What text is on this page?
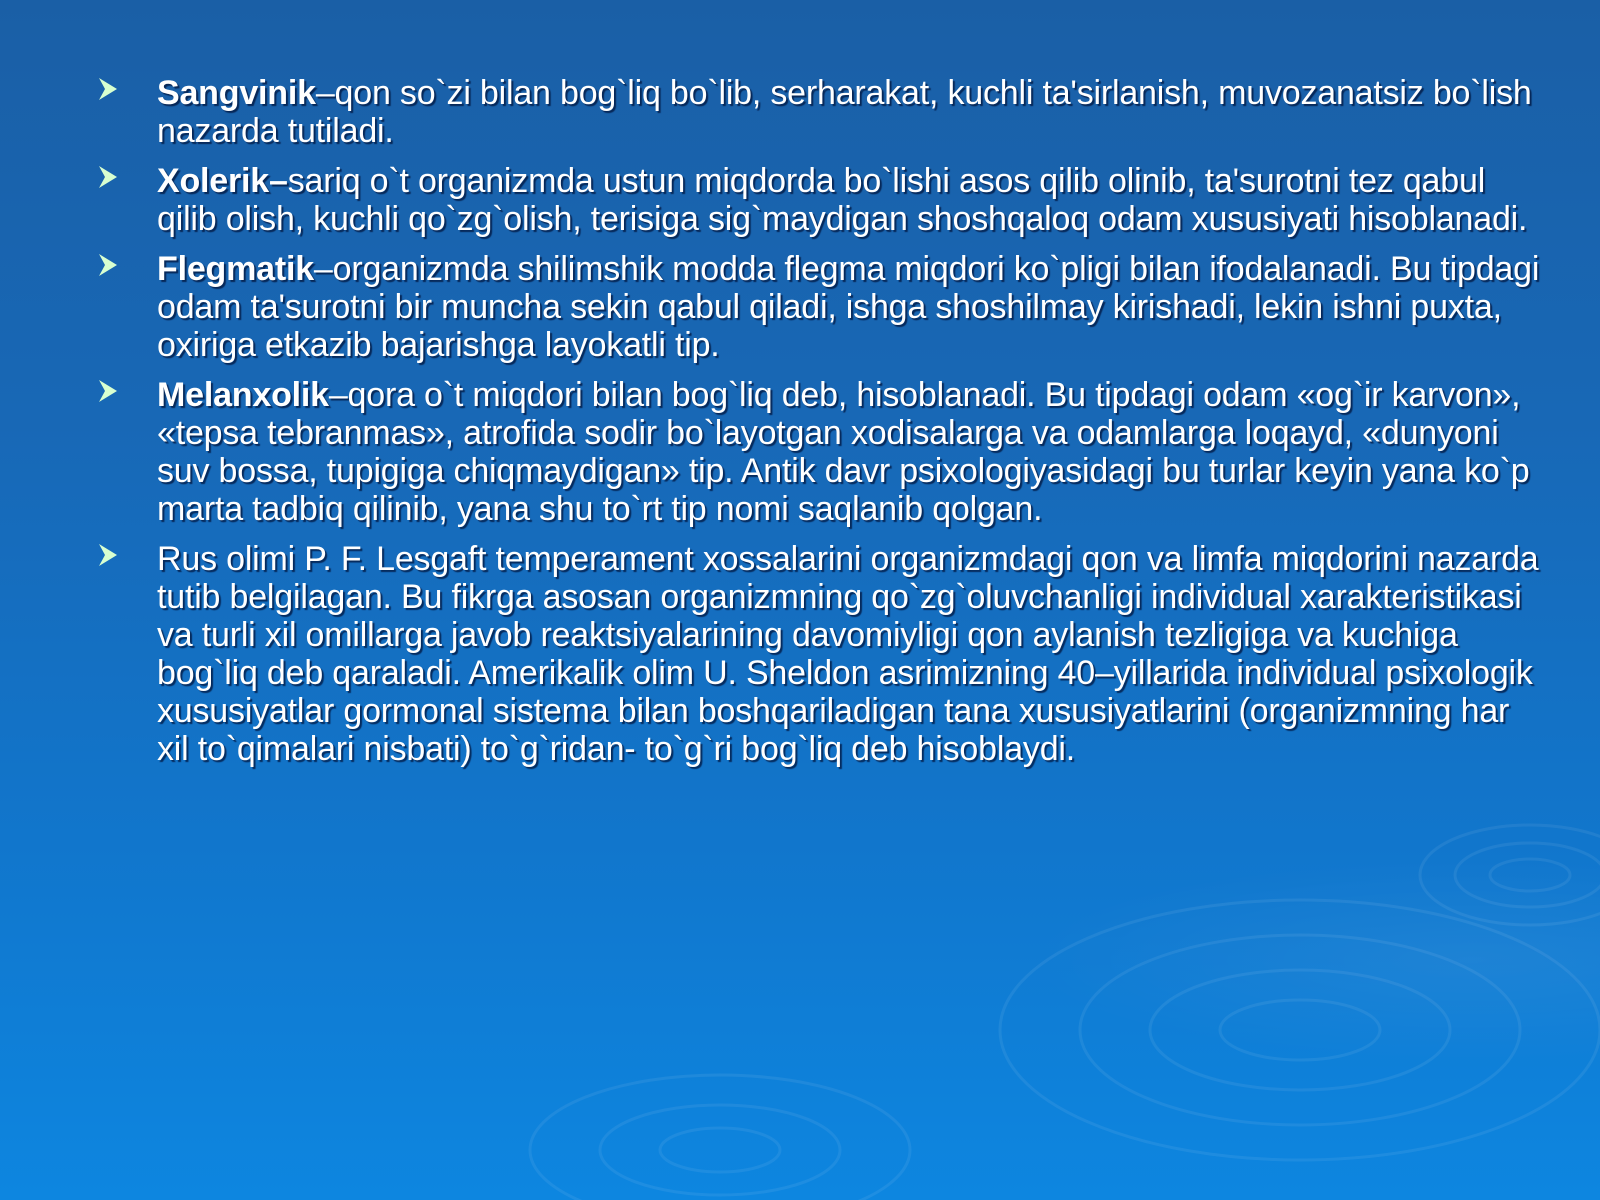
Sangvinik–qon so`zi bilan bog`liq bo`lib, serharakat, kuchli ta'sirlanish, muvozanatsiz bo`lish nazarda tutiladi.
Xolerik–sariq o`t organizmda ustun miqdorda bo`lishi asos qilib olinib, ta'surotni tez qabul qilib olish, kuchli qo`zg`olish, terisiga sig`maydigan shoshqaloq odam xususiyati hisoblanadi.
Flegmatik–organizmda shilimshik modda flegma miqdori ko`pligi bilan ifodalanadi. Bu tipdagi odam ta'surotni bir muncha sekin qabul qiladi, ishga shoshilmay kirishadi, lekin ishni puxta, oxiriga etkazib bajarishga layokatli tip.
Melanxolik–qora o`t miqdori bilan bog`liq deb, hisoblanadi. Bu tipdagi odam «og`ir karvon», «tepsa tebranmas», atrofida sodir bo`layotgan xodisalarga va odamlarga loqayd, «dunyoni suv bossa, tupigiga chiqmaydigan» tip. Antik davr psixologiyasidagi bu turlar keyin yana ko`p marta tadbiq qilinib, yana shu to`rt tip nomi saqlanib qolgan.
Rus olimi P. F. Lesgaft temperament xossalarini organizmdagi qon va limfa miqdorini nazarda tutib belgilagan. Bu fikrga asosan organizmning qo`zg`oluvchanligi individual xarakteristikasi va turli xil omillarga javob reaktsiyalarining davomiyligi qon aylanish tezligiga va kuchiga bog`liq deb qaraladi. Amerikalik olim U. Sheldon asrimizning 40–yillarida individual psixologik xususiyatlar gormonal sistema bilan boshqariladigan tana xususiyatlarini (organizmning har xil to`qimalari nisbati) to`g`ridan- to`g`ri bog`liq deb hisoblaydi.
